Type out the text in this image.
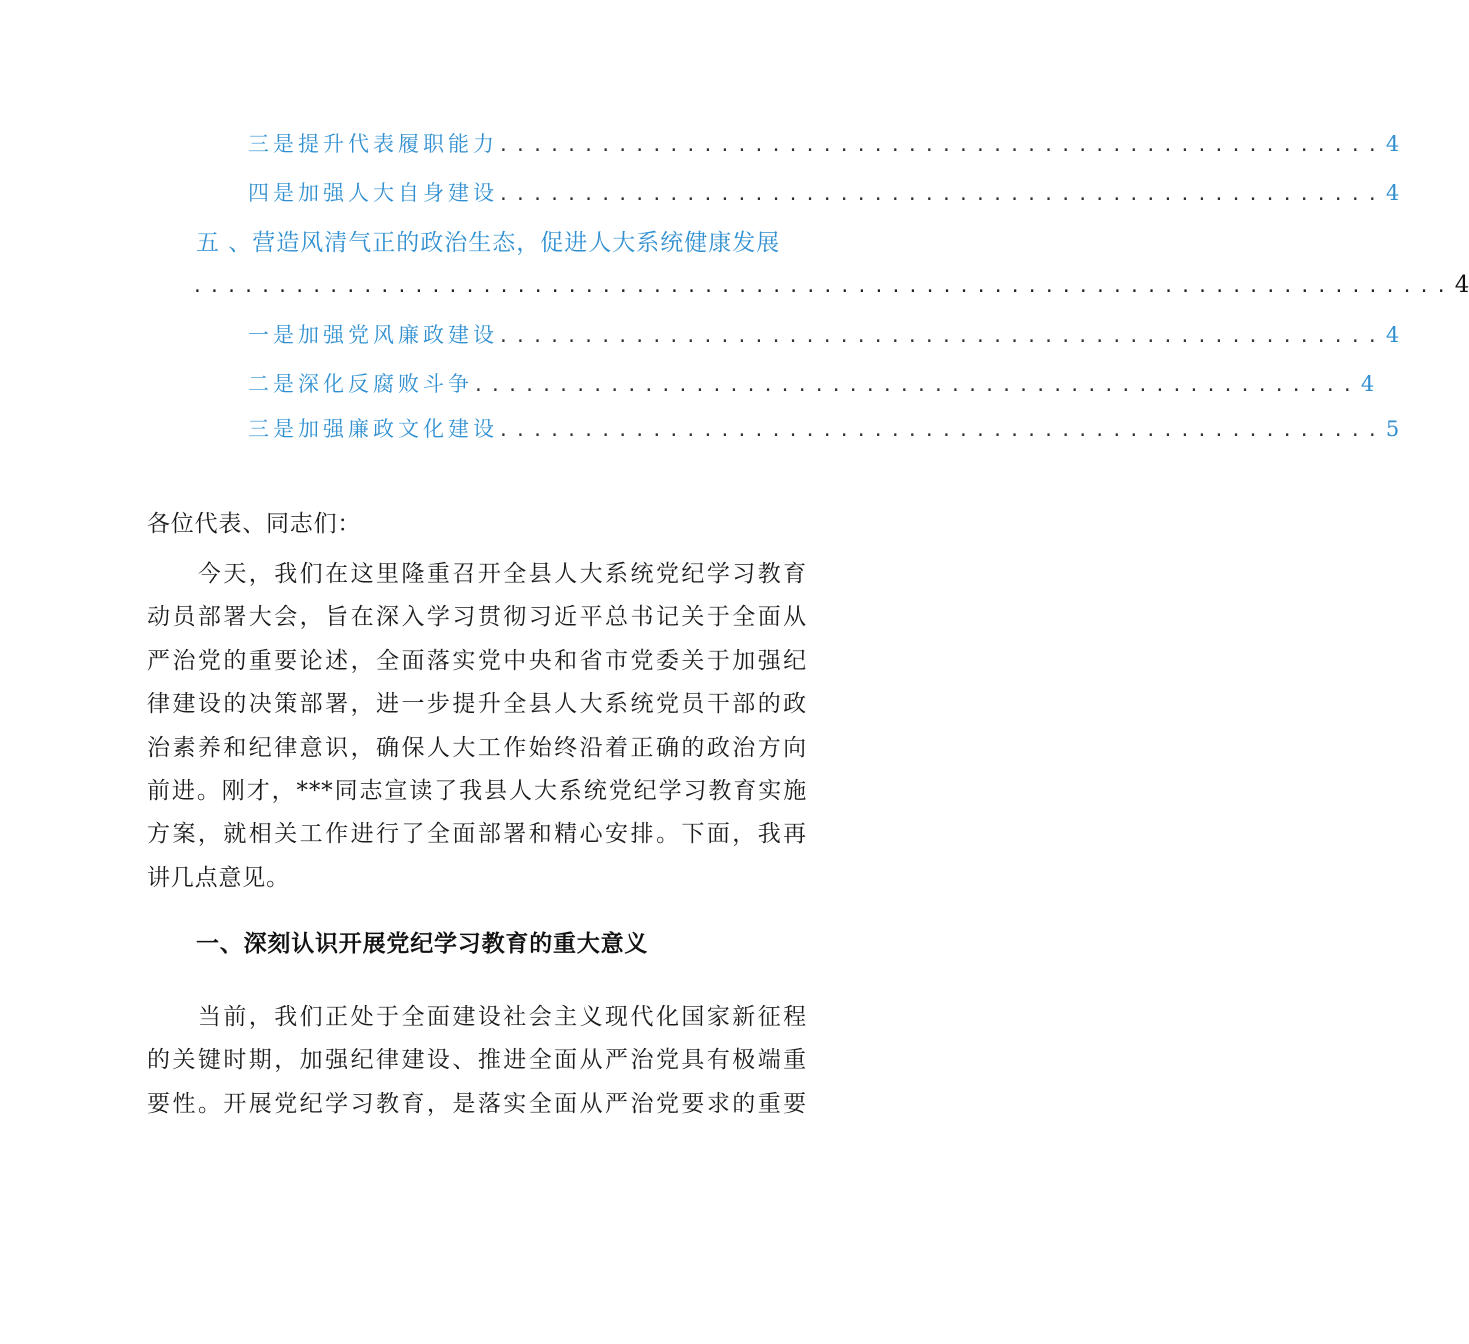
三是提升代表履职能力 .................................................... 4
四是加强人大自身建设 .................................................... 4
五 、营造风清气正的政治生态，促进人大系统健康发展
.......................................................................... 4
一是加强党风廉政建设 .................................................... 4
二是深化反腐败斗争 .................................................... 4
三是加强廉政文化建设 .................................................... 5
各位代表、同志们：
　　今天，我们在这里隆重召开全县人大系统党纪学习教育
动员部署大会，旨在深入学习贯彻习近平总书记关于全面从
严治党的重要论述，全面落实党中央和省市党委关于加强纪
律建设的决策部署，进一步提升全县人大系统党员干部的政
治素养和纪律意识，确保人大工作始终沿着正确的政治方向
前进。刚才，***同志宣读了我县人大系统党纪学习教育实施
方案，就相关工作进行了全面部署和精心安排。下面，我再
讲几点意见。
一、深刻认识开展党纪学习教育的重大意义
　　当前，我们正处于全面建设社会主义现代化国家新征程
的关键时期，加强纪律建设、推进全面从严治党具有极端重
要性。开展党纪学习教育，是落实全面从严治党要求的重要
